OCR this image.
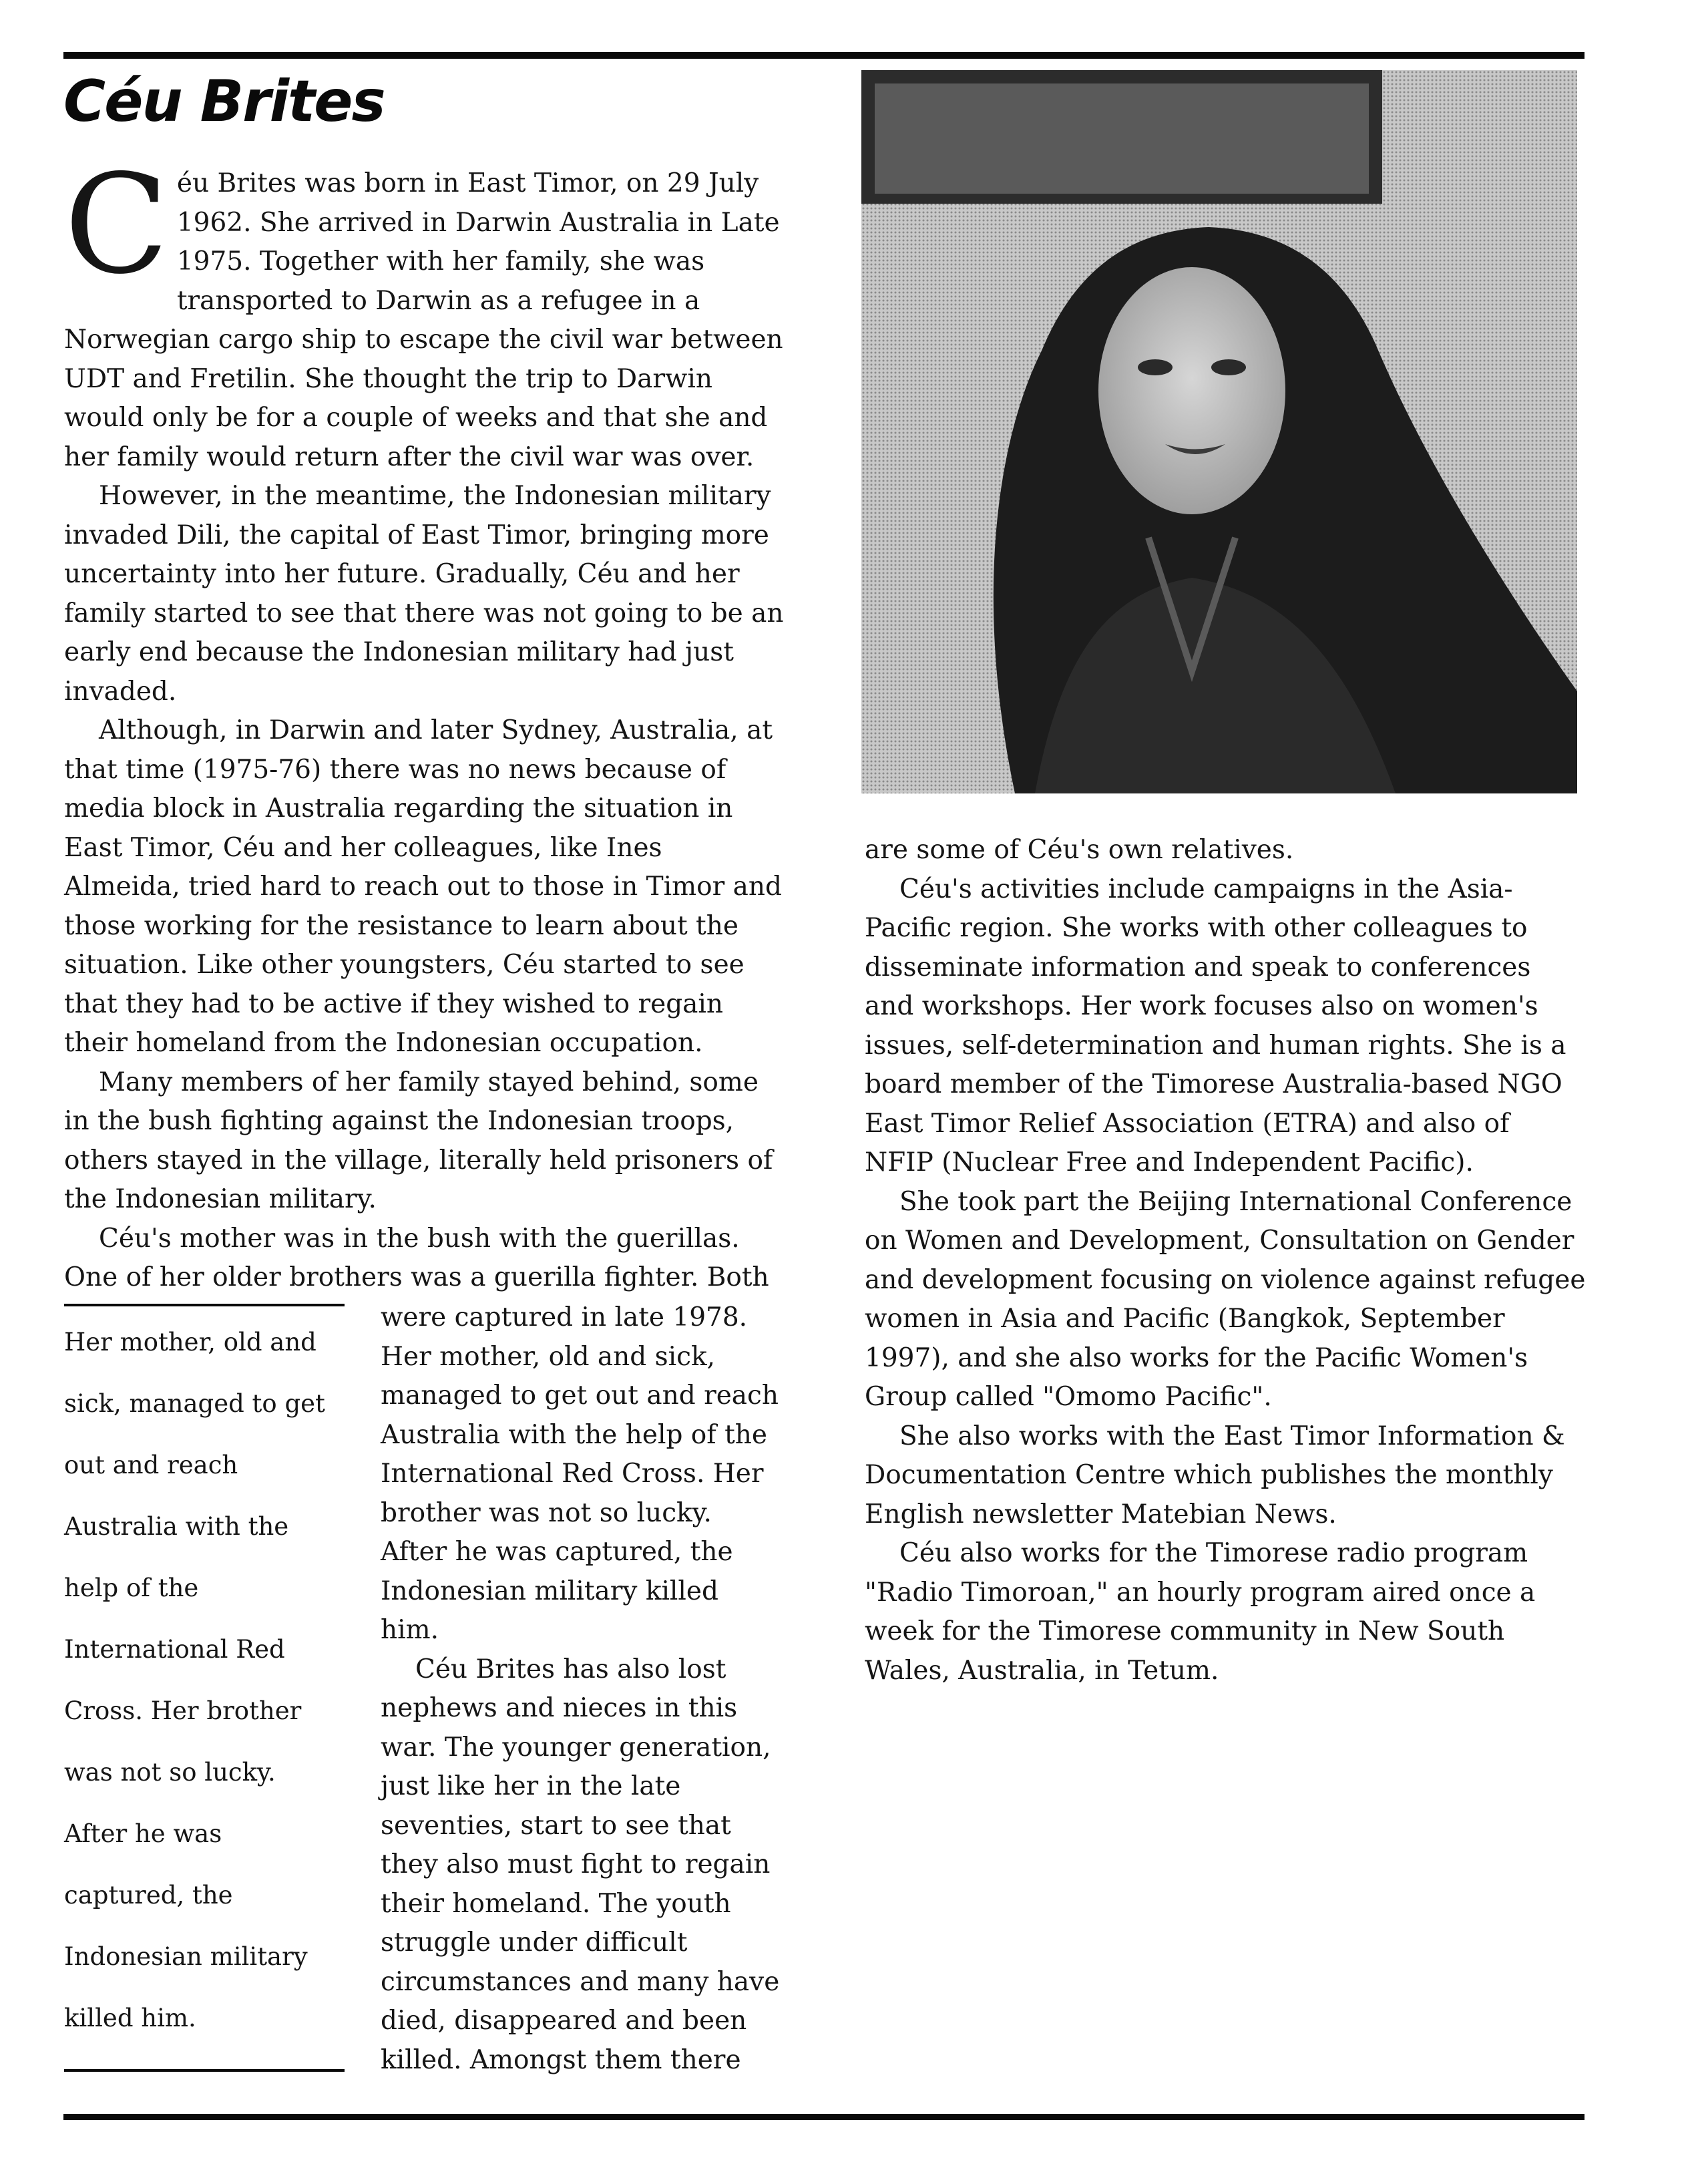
Céu Brites

Céu Brites was born in East Timor, on 29 July 1962. She arrived in Darwin Australia in Late 1975. Together with her family, she was transported to Darwin as a refugee in a Norwegian cargo ship to escape the civil war between UDT and Fretilin. She thought the trip to Darwin would only be for a couple of weeks and that she and her family would return after the civil war was over.

However, in the meantime, the Indonesian military invaded Dili, the capital of East Timor, bringing more uncertainty into her future. Gradually, Céu and her family started to see that there was not going to be an early end because the Indonesian military had just invaded.

Although, in Darwin and later Sydney, Australia, at that time (1975-76) there was no news because of media block in Australia regarding the situation in East Timor, Céu and her colleagues, like Ines Almeida, tried hard to reach out to those in Timor and those working for the resistance to learn about the situation. Like other youngsters, Céu started to see that they had to be active if they wished to regain their homeland from the Indonesian occupation.

Many members of her family stayed behind, some in the bush fighting against the Indonesian troops, others stayed in the village, literally held prisoners of the Indonesian military.

Céu's mother was in the bush with the guerillas. One of her older brothers was a guerilla fighter. Both

Her mother, old and sick, managed to get out and reach Australia with the help of the International Red Cross. Her brother was not so lucky. After he was captured, the Indonesian military killed him.

were captured in late 1978. Her mother, old and sick, managed to get out and reach Australia with the help of the International Red Cross. Her brother was not so lucky. After he was captured, the Indonesian military killed him.

Céu Brites has also lost nephews and nieces in this war. The younger generation, just like her in the late seventies, start to see that they also must fight to regain their homeland. The youth struggle under difficult circumstances and many have died, disappeared and been killed. Amongst them there

are some of Céu's own relatives.

Céu's activities include campaigns in the Asia-Pacific region. She works with other colleagues to disseminate information and speak to conferences and workshops. Her work focuses also on women's issues, self-determination and human rights. She is a board member of the Timorese Australia-based NGO East Timor Relief Association (ETRA) and also of NFIP (Nuclear Free and Independent Pacific).

She took part the Beijing International Conference on Women and Development, Consultation on Gender and development focusing on violence against refugee women in Asia and Pacific (Bangkok, September 1997), and she also works for the Pacific Women's Group called "Omomo Pacific".

She also works with the East Timor Information & Documentation Centre which publishes the monthly English newsletter Matebian News.

Céu also works for the Timorese radio program "Radio Timoroan," an hourly program aired once a week for the Timorese community in New South Wales, Australia, in Tetum.
